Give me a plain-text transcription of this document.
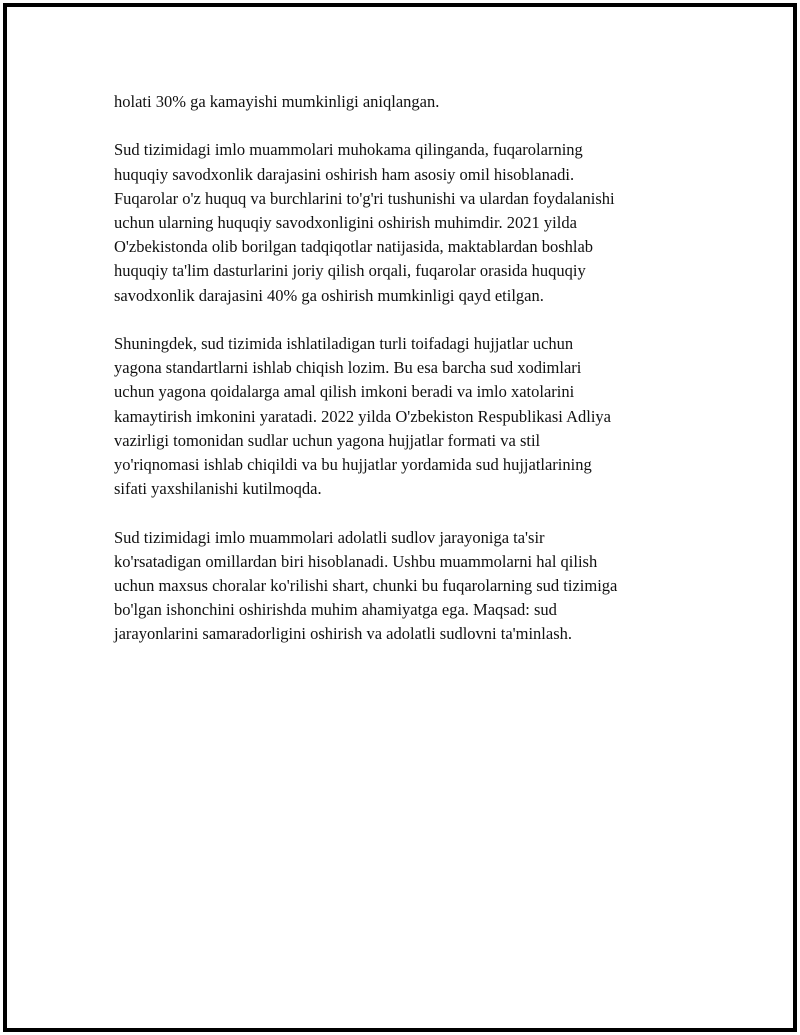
holati 30% ga kamayishi mumkinligi aniqlangan.

Sud tizimidagi imlo muammolari muhokama qilinganda, fuqarolarning
huquqiy savodxonlik darajasini oshirish ham asosiy omil hisoblanadi.
Fuqarolar o'z huquq va burchlarini to'g'ri tushunishi va ulardan foydalanishi
uchun ularning huquqiy savodxonligini oshirish muhimdir. 2021 yilda
O'zbekistonda olib borilgan tadqiqotlar natijasida, maktablardan boshlab
huquqiy ta'lim dasturlarini joriy qilish orqali, fuqarolar orasida huquqiy
savodxonlik darajasini 40% ga oshirish mumkinligi qayd etilgan.

Shuningdek, sud tizimida ishlatiladigan turli toifadagi hujjatlar uchun
yagona standartlarni ishlab chiqish lozim. Bu esa barcha sud xodimlari
uchun yagona qoidalarga amal qilish imkoni beradi va imlo xatolarini
kamaytirish imkonini yaratadi. 2022 yilda O'zbekiston Respublikasi Adliya
vazirligi tomonidan sudlar uchun yagona hujjatlar formati va stil
yo'riqnomasi ishlab chiqildi va bu hujjatlar yordamida sud hujjatlarining
sifati yaxshilanishi kutilmoqda.

Sud tizimidagi imlo muammolari adolatli sudlov jarayoniga ta'sir
ko'rsatadigan omillardan biri hisoblanadi. Ushbu muammolarni hal qilish
uchun maxsus choralar ko'rilishi shart, chunki bu fuqarolarning sud tizimiga
bo'lgan ishonchini oshirishda muhim ahamiyatga ega. Maqsad: sud
jarayonlarini samaradorligini oshirish va adolatli sudlovni ta'minlash.
